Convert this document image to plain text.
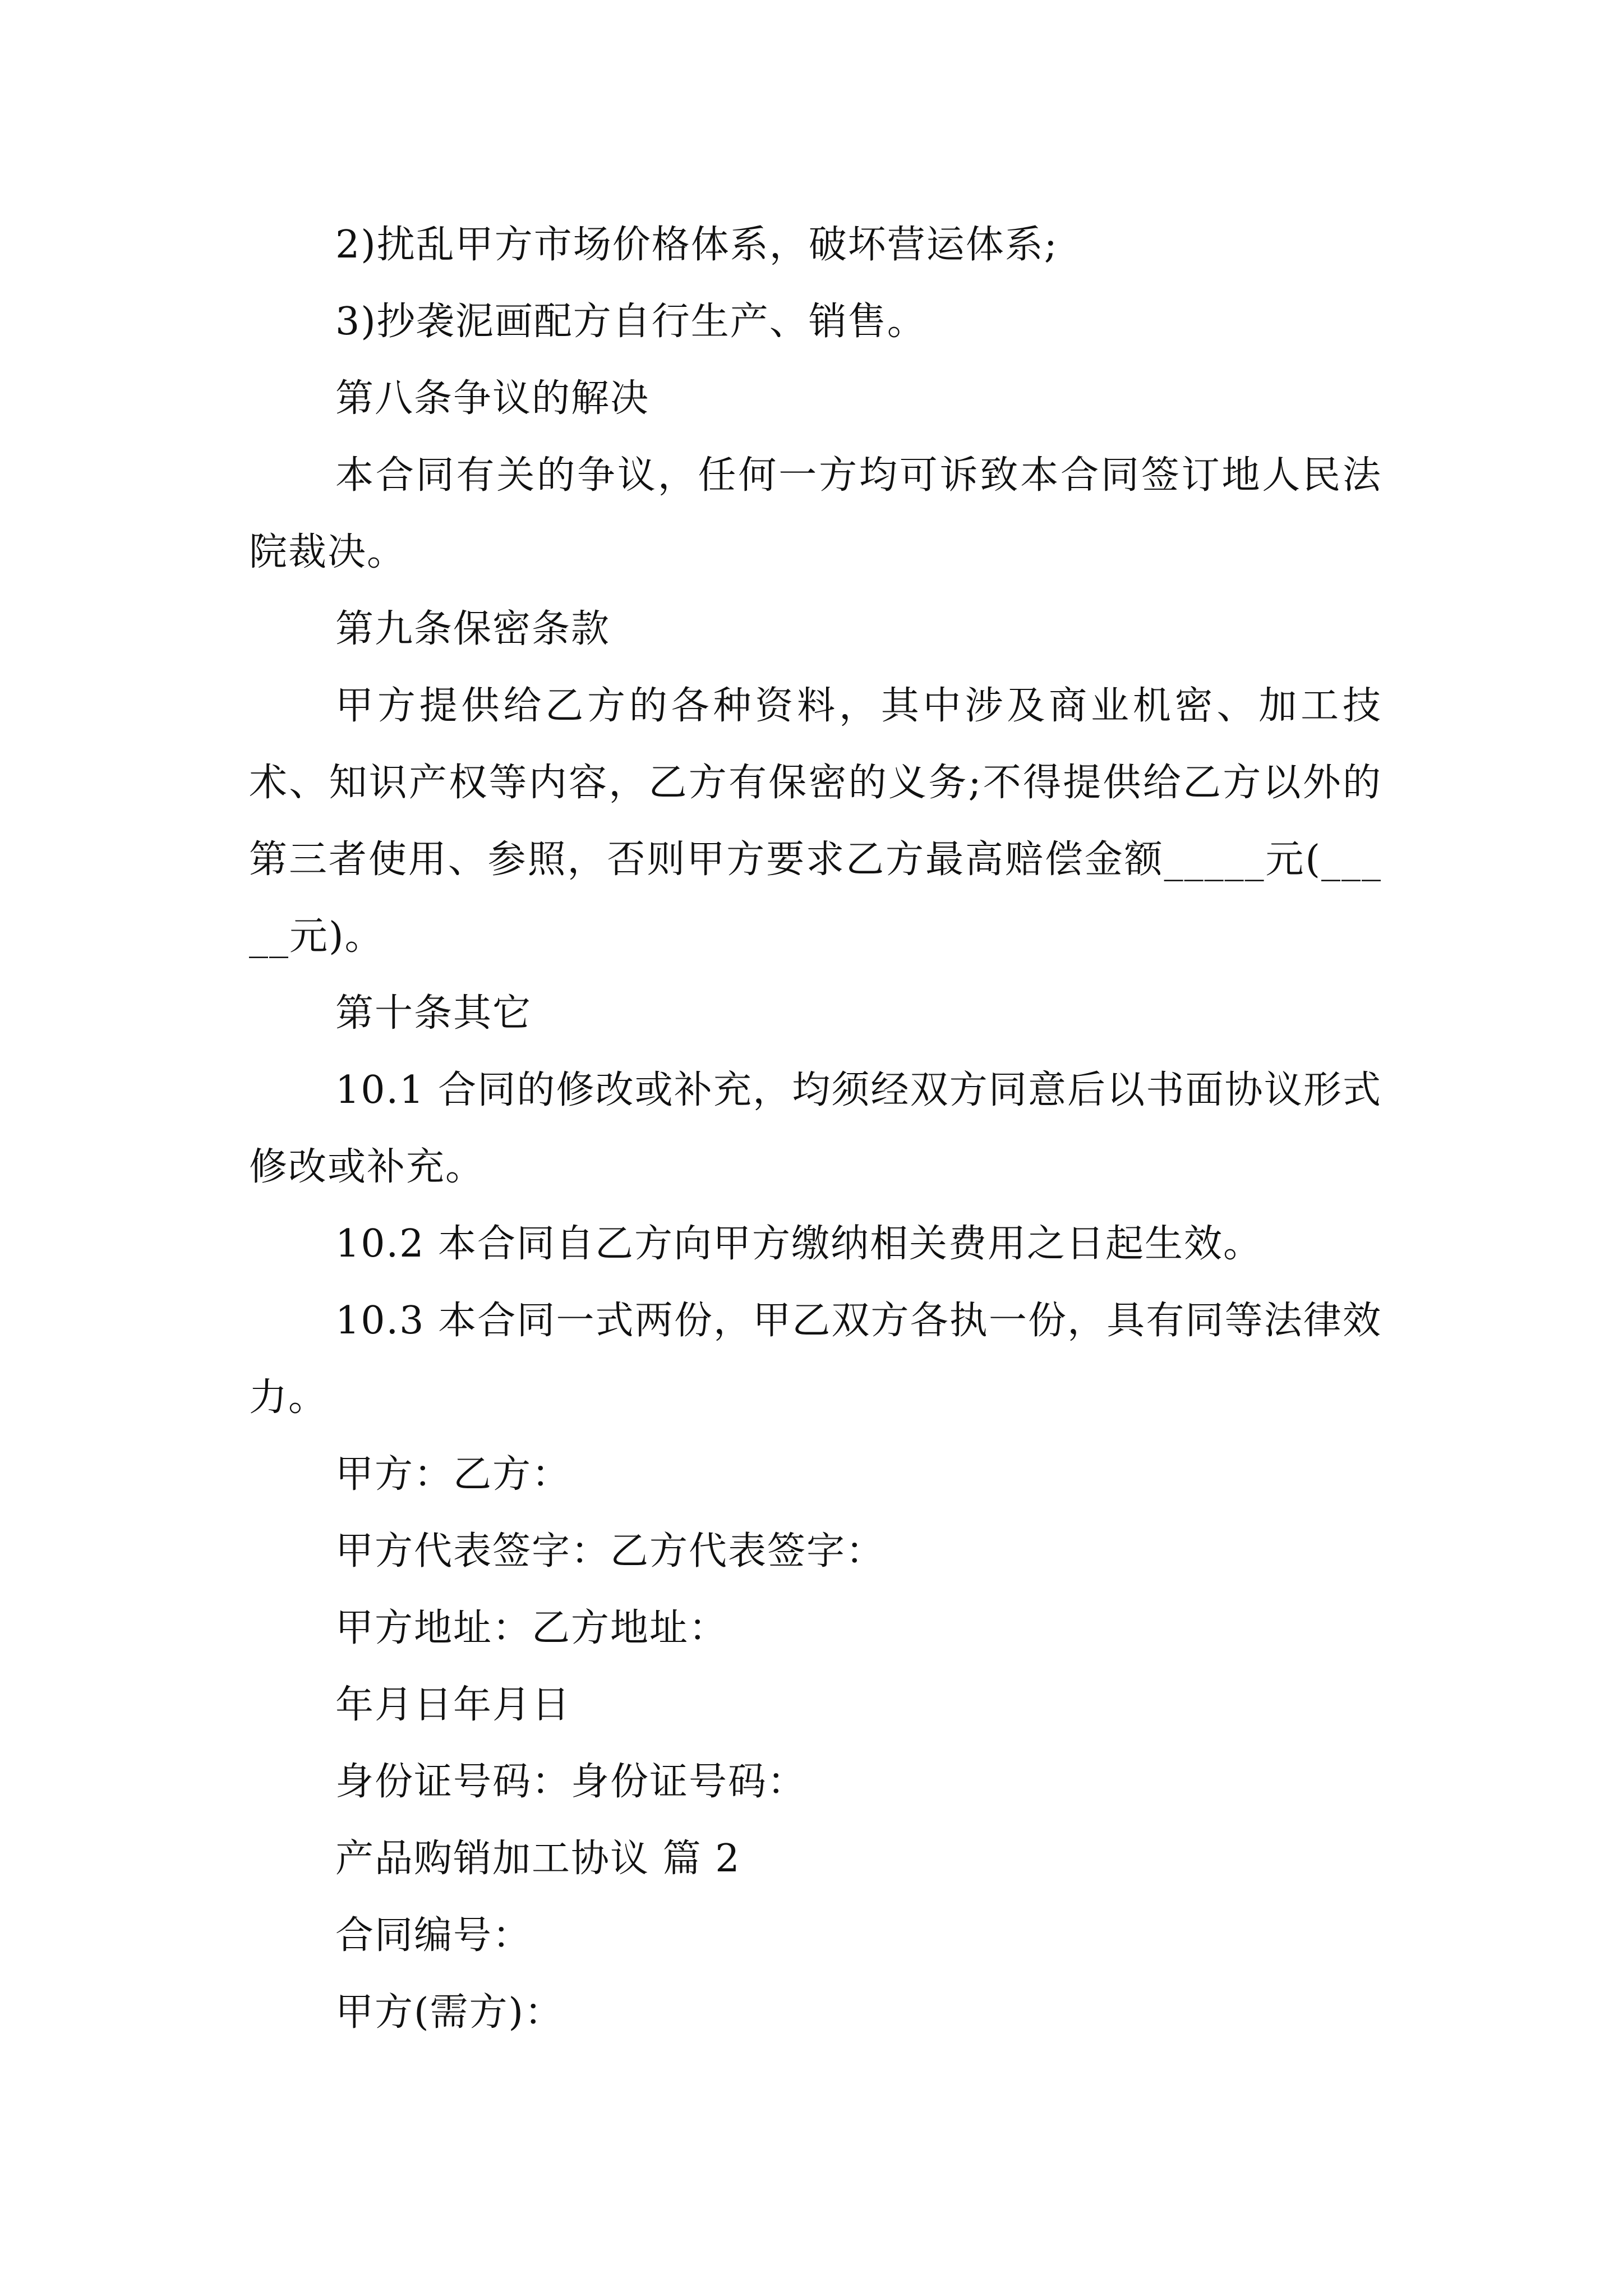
2)扰乱甲方市场价格体系，破坏营运体系;

3)抄袭泥画配方自行生产、销售。

第八条争议的解决

本合同有关的争议，任何一方均可诉致本合同签订地人民法院裁决。

第九条保密条款

甲方提供给乙方的各种资料，其中涉及商业机密、加工技术、知识产权等内容，乙方有保密的义务;不得提供给乙方以外的第三者使用、参照，否则甲方要求乙方最高赔偿金额_____元(_____元)。

第十条其它

10.1 合同的修改或补充，均须经双方同意后以书面协议形式修改或补充。

10.2 本合同自乙方向甲方缴纳相关费用之日起生效。

10.3 本合同一式两份，甲乙双方各执一份，具有同等法律效力。

甲方：乙方：

甲方代表签字：乙方代表签字：

甲方地址：乙方地址：

年月日年月日

身份证号码：身份证号码：

产品购销加工协议 篇 2

合同编号：

甲方(需方)：
